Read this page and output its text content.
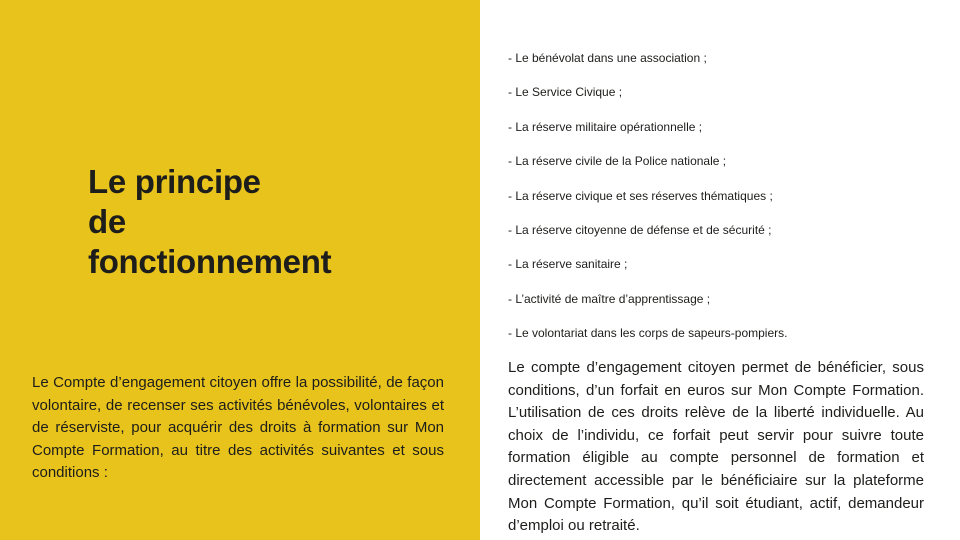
Le principe
de
fonctionnement

Le Compte d’engagement citoyen offre la possibilité, de façon volontaire, de recenser ses activités bénévoles, volontaires et de réserviste, pour acquérir des droits à formation sur Mon Compte Formation, au titre des activités suivantes et sous conditions :

- Le bénévolat dans une association ;
- Le Service Civique ;
- La réserve militaire opérationnelle ;
- La réserve civile de la Police nationale ;
- La réserve civique et ses réserves thématiques ;
- La réserve citoyenne de défense et de sécurité ;
- La réserve sanitaire ;
- L’activité de maître d’apprentissage ;
- Le volontariat dans les corps de sapeurs-pompiers.

Le compte d’engagement citoyen permet de bénéficier, sous conditions, d’un forfait en euros sur Mon Compte Formation. L’utilisation de ces droits relève de la liberté individuelle. Au choix de l’individu, ce forfait peut servir pour suivre toute formation éligible au compte personnel de formation et directement accessible par le bénéficiaire sur la plateforme Mon Compte Formation, qu’il soit étudiant, actif, demandeur d’emploi ou retraité.
